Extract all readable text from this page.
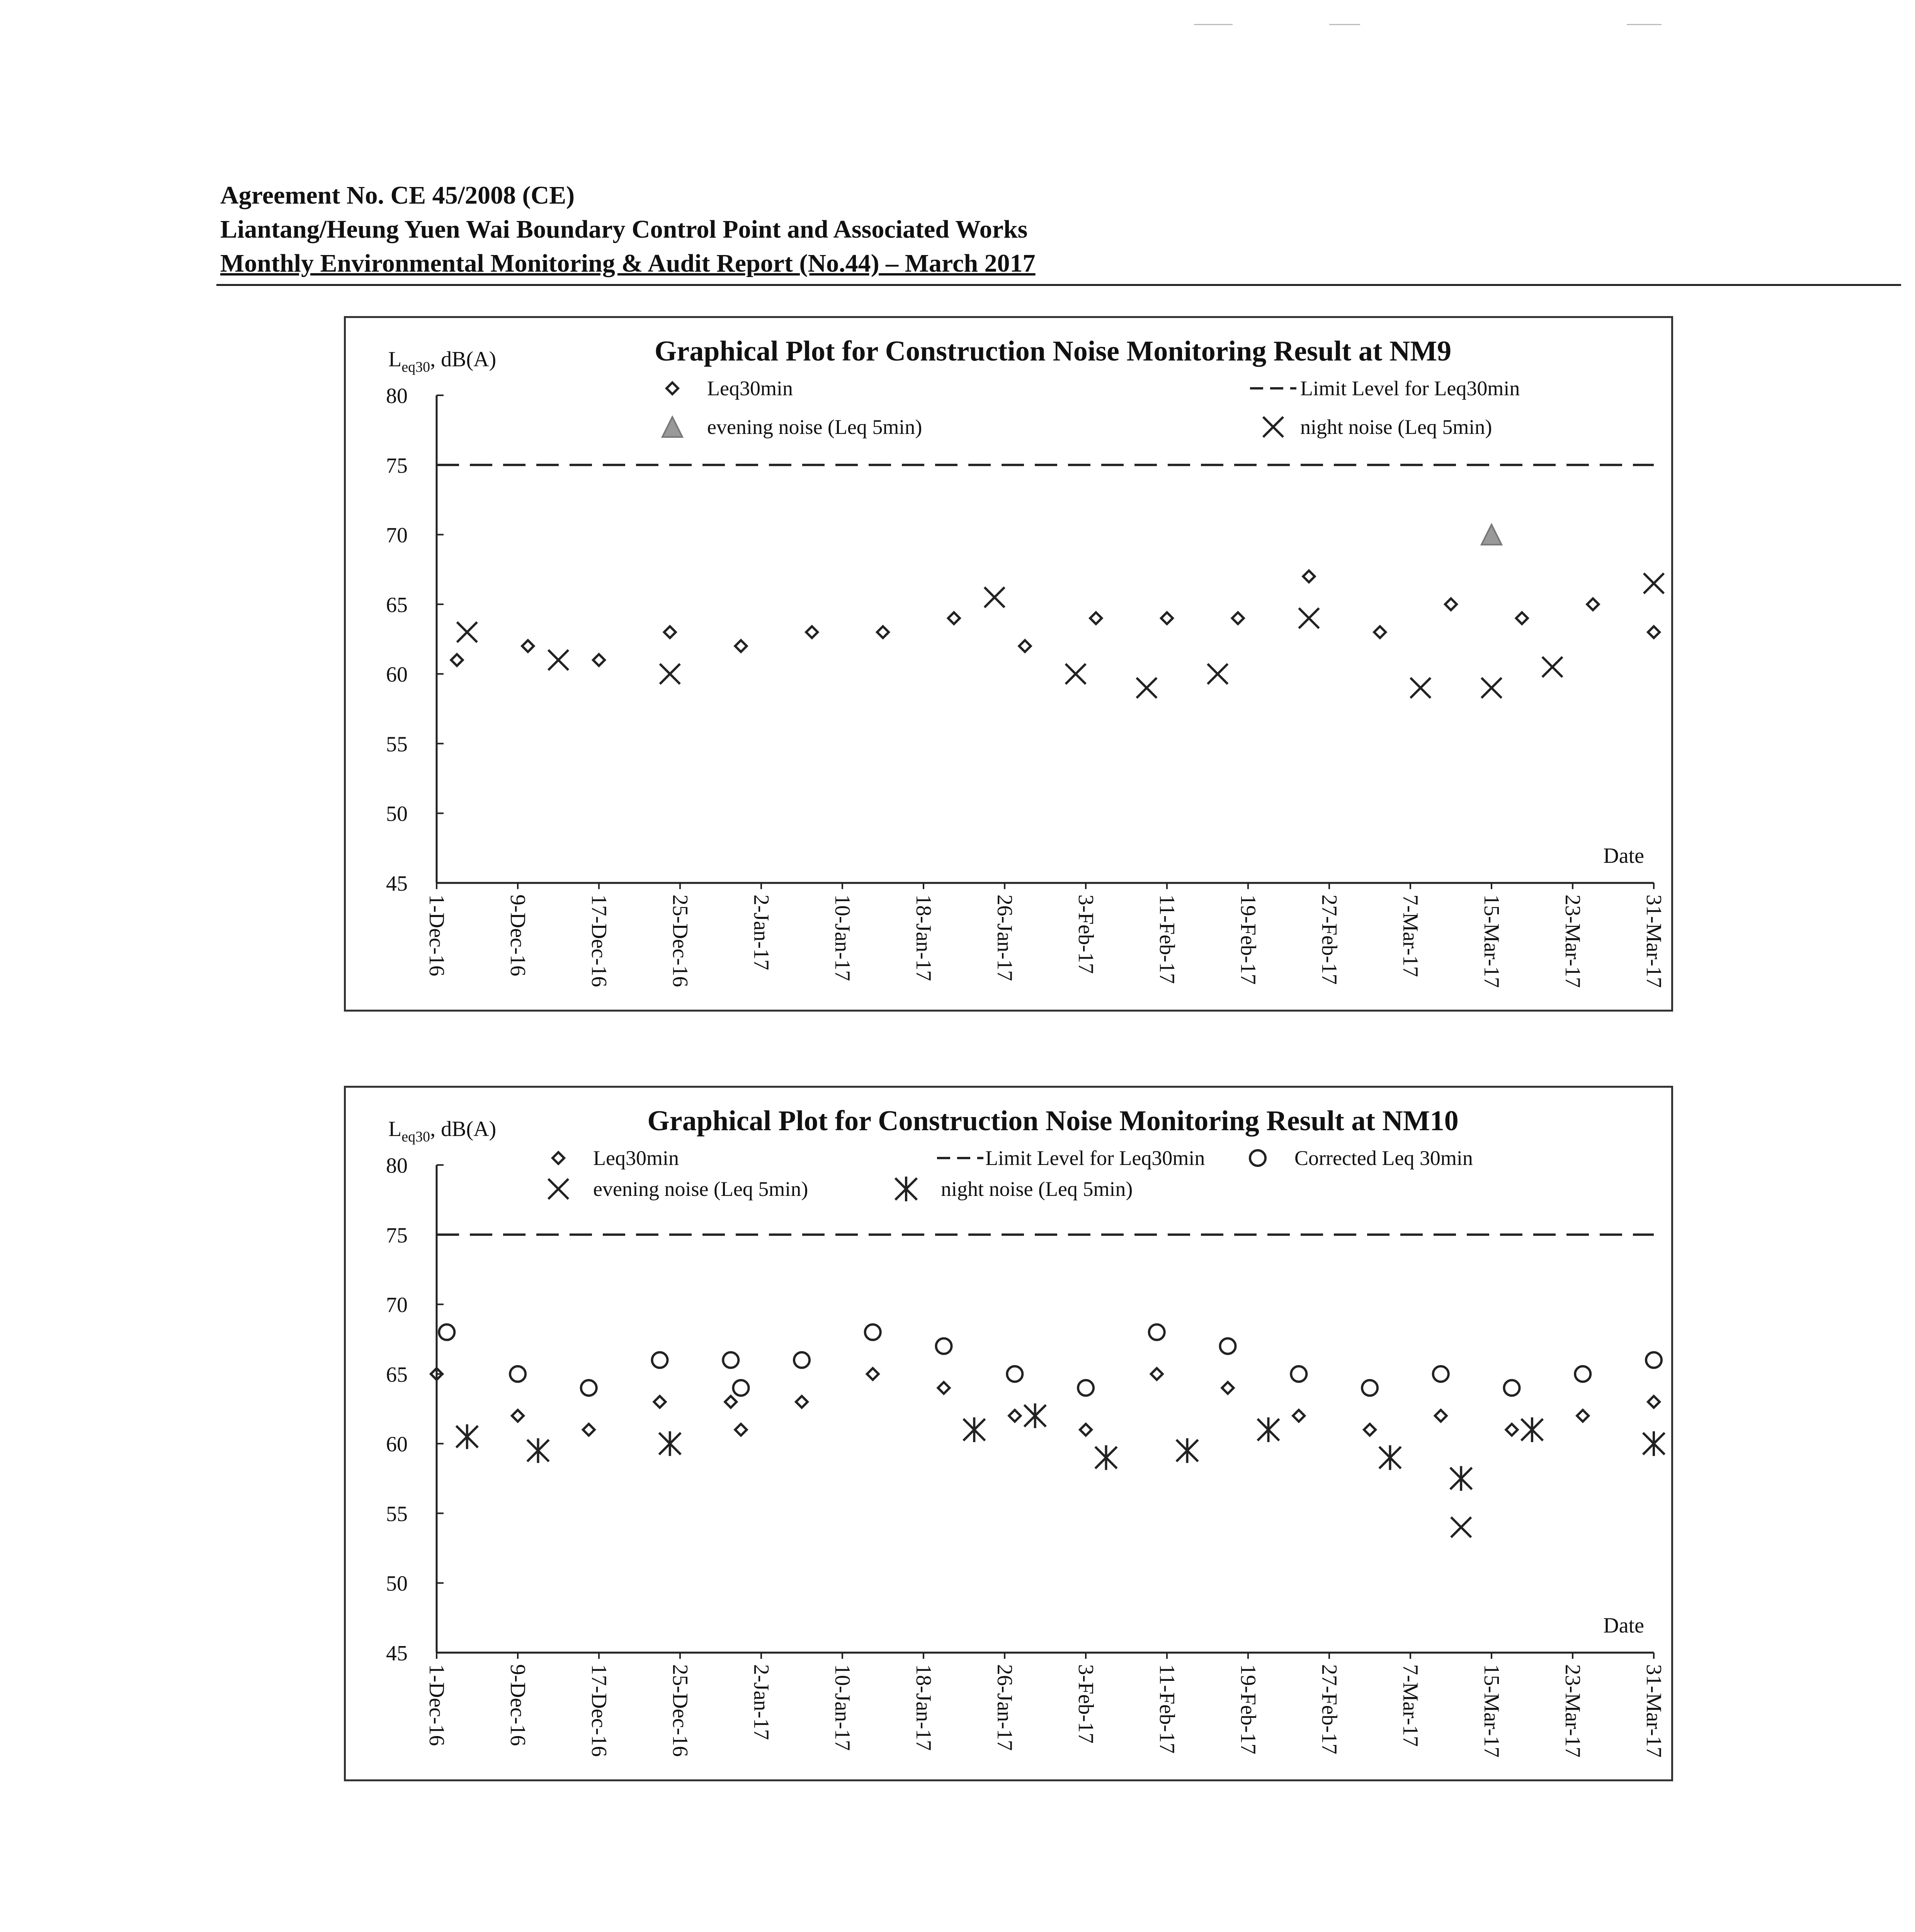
Agreement No. CE 45/2008 (CE)
Liantang/Heung Yuen Wai Boundary Control Point and Associated Works
Monthly Environmental Monitoring & Audit Report (No.44) – March 2017
Graphical Plot for Construction Noise Monitoring Result at NM9
$L_{eq30}$, dB(A)
45
50
55
60
65
70
75
80
1-Dec-16	9-Dec-16	17-Dec-16	25-Dec-16	2-Jan-17	10-Jan-17	18-Jan-17	26-Jan-17	3-Feb-17	11-Feb-17	19-Feb-17	27-Feb-17	7-Mar-17	15-Mar-17	23-Mar-17	31-Mar-17
Date
Leq30min	Limit Level for Leq30min
evening noise (Leq 5min)	night noise (Leq 5min)
Graphical Plot for Construction Noise Monitoring Result at NM10
$L_{eq30}$, dB(A)
45
50
55
60
65
70
75
80
1-Dec-16	9-Dec-16	17-Dec-16	25-Dec-16	2-Jan-17	10-Jan-17	18-Jan-17	26-Jan-17	3-Feb-17	11-Feb-17	19-Feb-17	27-Feb-17	7-Mar-17	15-Mar-17	23-Mar-17	31-Mar-17
Date
Leq30min	Limit Level for Leq30min	Corrected Leq 30min
evening noise (Leq 5min)	night noise (Leq 5min)
